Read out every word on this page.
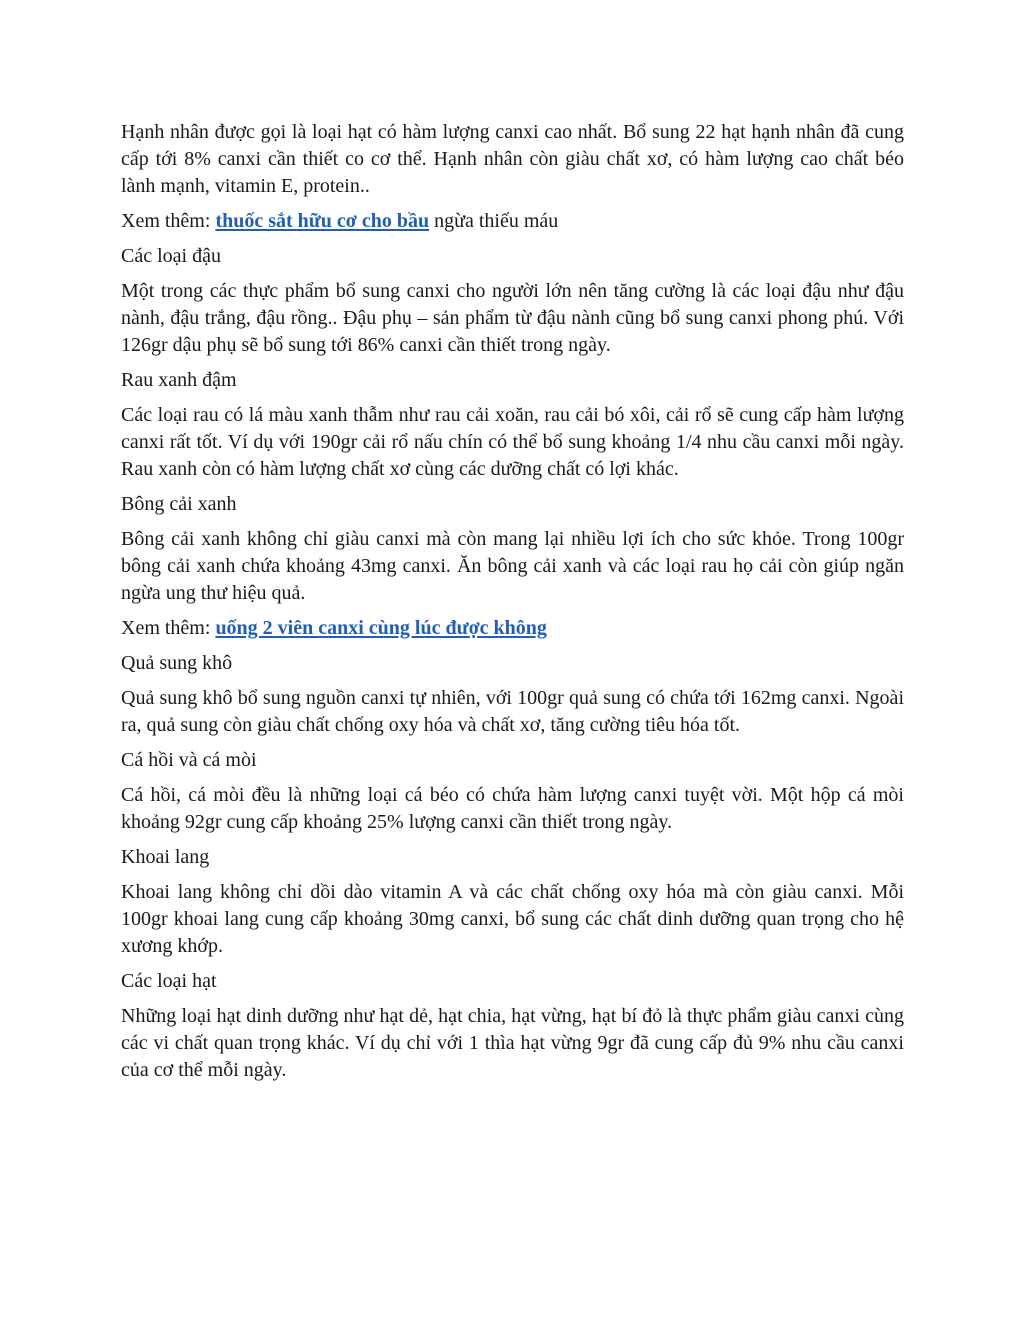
Hạnh nhân được gọi là loại hạt có hàm lượng canxi cao nhất. Bổ sung 22 hạt hạnh nhân đã cung cấp tới 8% canxi cần thiết co cơ thể. Hạnh nhân còn giàu chất xơ, có hàm lượng cao chất béo lành mạnh, vitamin E, protein..

Xem thêm: thuốc sắt hữu cơ cho bầu ngừa thiếu máu

Các loại đậu

Một trong các thực phẩm bổ sung canxi cho người lớn nên tăng cường là các loại đậu như đậu nành, đậu trắng, đậu rồng.. Đậu phụ – sản phẩm từ đậu nành cũng bổ sung canxi phong phú. Với 126gr dậu phụ sẽ bổ sung tới 86% canxi cần thiết trong ngày.

Rau xanh đậm

Các loại rau có lá màu xanh thẫm như rau cải xoăn, rau cải bó xôi, cải rổ sẽ cung cấp hàm lượng canxi rất tốt. Ví dụ với 190gr cải rổ nấu chín có thể bổ sung khoảng 1/4 nhu cầu canxi mỗi ngày. Rau xanh còn có hàm lượng chất xơ cùng các dưỡng chất có lợi khác.

Bông cải xanh

Bông cải xanh không chỉ giàu canxi mà còn mang lại nhiều lợi ích cho sức khỏe. Trong 100gr bông cải xanh chứa khoảng 43mg canxi. Ăn bông cải xanh và các loại rau họ cải còn giúp ngăn ngừa ung thư hiệu quả.

Xem thêm: uống 2 viên canxi cùng lúc được không

Quả sung khô

Quả sung khô bổ sung nguồn canxi tự nhiên, với 100gr quả sung có chứa tới 162mg canxi. Ngoài ra, quả sung còn giàu chất chống oxy hóa và chất xơ, tăng cường tiêu hóa tốt.

Cá hồi và cá mòi

Cá hồi, cá mòi đều là những loại cá béo có chứa hàm lượng canxi tuyệt vời. Một hộp cá mòi khoảng 92gr cung cấp khoảng 25% lượng canxi cần thiết trong ngày.

Khoai lang

Khoai lang không chỉ dồi dào vitamin A và các chất chống oxy hóa mà còn giàu canxi. Mỗi 100gr khoai lang cung cấp khoảng 30mg canxi, bổ sung các chất dinh dưỡng quan trọng cho hệ xương khớp.

Các loại hạt

Những loại hạt dinh dưỡng như hạt dẻ, hạt chia, hạt vừng, hạt bí đỏ là thực phẩm giàu canxi cùng các vi chất quan trọng khác. Ví dụ chỉ với 1 thìa hạt vừng 9gr đã cung cấp đủ 9% nhu cầu canxi của cơ thể mỗi ngày.
